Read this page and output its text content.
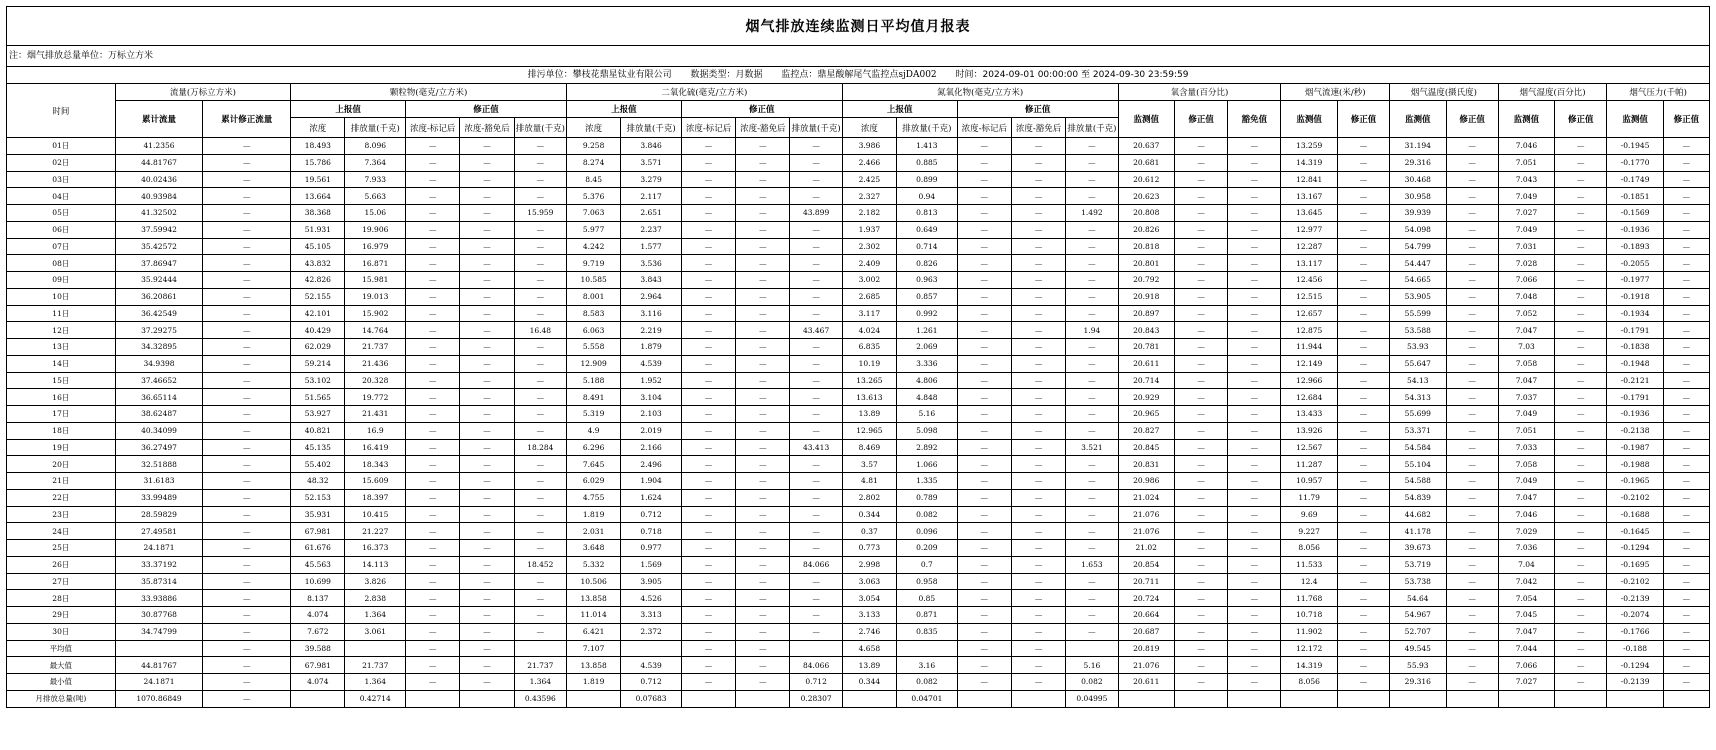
烟气排放连续监测日平均值月报表
注：烟气排放总量单位：万标立方米
排污单位：攀枝花鼎星钛业有限公司 数据类型：月数据 监控点：鼎星酸解尾气监控点sjDA002 时间：2024-09-01 00:00:00 至 2024-09-30 23:59:59
时间	流量(万标立方米)		颗粒物(毫克/立方米)					二氧化硫(毫克/立方米)					氮氧化物(毫克/立方米)					氧含量(百分比)			烟气流速(米/秒)		烟气温度(摄氏度)		烟气湿度(百分比)		烟气压力(千帕)	
	累计流量	累计修正流量	上报值		修正值			上报值		修正值			上报值		修正值			监测值	修正值	豁免值	监测值	修正值	监测值	修正值	监测值	修正值	监测值	修正值
			浓度	排放量(千克)	浓度-标记后	浓度-豁免后	排放量(千克)	浓度	排放量(千克)	浓度-标记后	浓度-豁免后	排放量(千克)	浓度	排放量(千克)	浓度-标记后	浓度-豁免后	排放量(千克)											
01日	41.2356	—	18.493	8.096	—	—	—	9.258	3.846	—	—	—	3.986	1.413	—	—	—	20.637	—	—	13.259	—	31.194	—	7.046	—	-0.1945	—
02日	44.81767	—	15.786	7.364	—	—	—	8.274	3.571	—	—	—	2.466	0.885	—	—	—	20.681	—	—	14.319	—	29.316	—	7.051	—	-0.1770	—
03日	40.02436	—	19.561	7.933	—	—	—	8.45	3.279	—	—	—	2.425	0.899	—	—	—	20.612	—	—	12.841	—	30.468	—	7.043	—	-0.1749	—
04日	40.93984	—	13.664	5.663	—	—	—	5.376	2.117	—	—	—	2.327	0.94	—	—	—	20.623	—	—	13.167	—	30.958	—	7.049	—	-0.1851	—
05日	41.32502	—	38.368	15.06	—	—	15.959	7.063	2.651	—	—	43.899	2.182	0.813	—	—	1.492	20.808	—	—	13.645	—	39.939	—	7.027	—	-0.1569	—
06日	37.59942	—	51.931	19.906	—	—	—	5.977	2.237	—	—	—	1.937	0.649	—	—	—	20.826	—	—	12.977	—	54.098	—	7.049	—	-0.1936	—
07日	35.42572	—	45.105	16.979	—	—	—	4.242	1.577	—	—	—	2.302	0.714	—	—	—	20.818	—	—	12.287	—	54.799	—	7.031	—	-0.1893	—
08日	37.86947	—	43.832	16.871	—	—	—	9.719	3.536	—	—	—	2.409	0.826	—	—	—	20.801	—	—	13.117	—	54.447	—	7.028	—	-0.2055	—
09日	35.92444	—	42.826	15.981	—	—	—	10.585	3.843	—	—	—	3.002	0.963	—	—	—	20.792	—	—	12.456	—	54.665	—	7.066	—	-0.1977	—
10日	36.20861	—	52.155	19.013	—	—	—	8.001	2.964	—	—	—	2.685	0.857	—	—	—	20.918	—	—	12.515	—	53.905	—	7.048	—	-0.1918	—
11日	36.42549	—	42.101	15.902	—	—	—	8.583	3.116	—	—	—	3.117	0.992	—	—	—	20.897	—	—	12.657	—	55.599	—	7.052	—	-0.1934	—
12日	37.29275	—	40.429	14.764	—	—	16.48	6.063	2.219	—	—	43.467	4.024	1.261	—	—	1.94	20.843	—	—	12.875	—	53.588	—	7.047	—	-0.1791	—
13日	34.32895	—	62.029	21.737	—	—	—	5.558	1.879	—	—	—	6.835	2.069	—	—	—	20.781	—	—	11.944	—	53.93	—	7.03	—	-0.1838	—
14日	34.9398	—	59.214	21.436	—	—	—	12.909	4.539	—	—	—	10.19	3.336	—	—	—	20.611	—	—	12.149	—	55.647	—	7.058	—	-0.1948	—
15日	37.46652	—	53.102	20.328	—	—	—	5.188	1.952	—	—	—	13.265	4.806	—	—	—	20.714	—	—	12.966	—	54.13	—	7.047	—	-0.2121	—
16日	36.65114	—	51.565	19.772	—	—	—	8.491	3.104	—	—	—	13.613	4.848	—	—	—	20.929	—	—	12.684	—	54.313	—	7.037	—	-0.1791	—
17日	38.62487	—	53.927	21.431	—	—	—	5.319	2.103	—	—	—	13.89	5.16	—	—	—	20.965	—	—	13.433	—	55.699	—	7.049	—	-0.1936	—
18日	40.34099	—	40.821	16.9	—	—	—	4.9	2.019	—	—	—	12.965	5.098	—	—	—	20.827	—	—	13.926	—	53.371	—	7.051	—	-0.2138	—
19日	36.27497	—	45.135	16.419	—	—	18.284	6.296	2.166	—	—	43.413	8.469	2.892	—	—	3.521	20.845	—	—	12.567	—	54.584	—	7.033	—	-0.1987	—
20日	32.51888	—	55.402	18.343	—	—	—	7.645	2.496	—	—	—	3.57	1.066	—	—	—	20.831	—	—	11.287	—	55.104	—	7.058	—	-0.1988	—
21日	31.6183	—	48.32	15.609	—	—	—	6.029	1.904	—	—	—	4.81	1.335	—	—	—	20.986	—	—	10.957	—	54.588	—	7.049	—	-0.1965	—
22日	33.99489	—	52.153	18.397	—	—	—	4.755	1.624	—	—	—	2.802	0.789	—	—	—	21.024	—	—	11.79	—	54.839	—	7.047	—	-0.2102	—
23日	28.59829	—	35.931	10.415	—	—	—	1.819	0.712	—	—	—	0.344	0.082	—	—	—	21.076	—	—	9.69	—	44.682	—	7.046	—	-0.1688	—
24日	27.49581	—	67.981	21.227	—	—	—	2.031	0.718	—	—	—	0.37	0.096	—	—	—	21.076	—	—	9.227	—	41.178	—	7.029	—	-0.1645	—
25日	24.1871	—	61.676	16.373	—	—	—	3.648	0.977	—	—	—	0.773	0.209	—	—	—	21.02	—	—	8.056	—	39.673	—	7.036	—	-0.1294	—
26日	33.37192	—	45.563	14.113	—	—	18.452	5.332	1.569	—	—	84.066	2.998	0.7	—	—	1.653	20.854	—	—	11.533	—	53.719	—	7.04	—	-0.1695	—
27日	35.87314	—	10.699	3.826	—	—	—	10.506	3.905	—	—	—	3.063	0.958	—	—	—	20.711	—	—	12.4	—	53.738	—	7.042	—	-0.2102	—
28日	33.93886	—	8.137	2.838	—	—	—	13.858	4.526	—	—	—	3.054	0.85	—	—	—	20.724	—	—	11.768	—	54.64	—	7.054	—	-0.2139	—
29日	30.87768	—	4.074	1.364	—	—	—	11.014	3.313	—	—	—	3.133	0.871	—	—	—	20.664	—	—	10.718	—	54.967	—	7.045	—	-0.2074	—
30日	34.74799	—	7.672	3.061	—	—	—	6.421	2.372	—	—	—	2.746	0.835	—	—	—	20.687	—	—	11.902	—	52.707	—	7.047	—	-0.1766	—
平均值		—	39.588		—	—		7.107		—	—		4.658		—	—		20.819	—	—	12.172	—	49.545	—	7.044	—	-0.188	—
最大值	44.81767	—	67.981	21.737	—	—	21.737	13.858	4.539	—	—	84.066	13.89	3.16	—	—	5.16	21.076	—	—	14.319	—	55.93	—	7.066	—	-0.1294	—
最小值	24.1871	—	4.074	1.364	—	—	1.364	1.819	0.712	—	—	0.712	0.344	0.082	—	—	0.082	20.611	—	—	8.056	—	29.316	—	7.027	—	-0.2139	—
月排放总量(吨)	1070.86849	—		0.42714			0.43596		0.07683			0.28307		0.04701			0.04995											
